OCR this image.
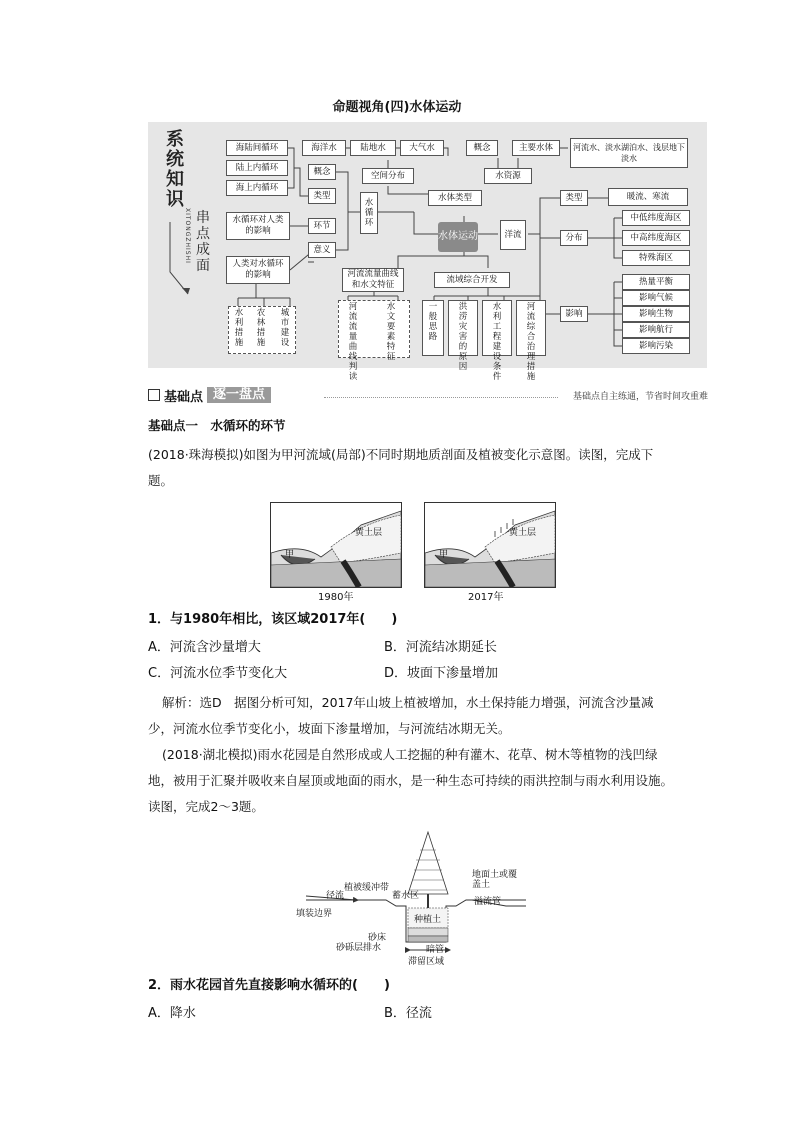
命题视角(四)水体运动
系统知识
XITONGZHISHI 串点成面
海陆间循环
陆上内循环
海上内循环
概念
类型
环节
意义
水循环对人类的影响
人类对水循环的影响
水循环
水利措施
农林措施
城市建设
海洋水	陆地水	大气水
空间分布
水体类型
概念	主要水体	河流水、淡水湖泊水、浅层地下淡水
水资源
水体运动
河流流量曲线和水文特征
河流流量曲线判读
水文要素特征
流域综合开发
一般思路
洪涝灾害的原因
水利工程建设条件
河流综合治理措施
洋流
类型	暖流、寒流
分布
中低纬度海区
中高纬度海区
特殊海区
影响
热量平衡
影响气候
影响生物
影响航行
影响污染
基础点 逐一盘点	基础点自主练通，节省时间攻重难
基础点一　水循环的环节
(2018·珠海模拟)如图为甲河流域(局部)不同时期地质剖面及植被变化示意图。读图，完成下题。
黄土层
甲
1980年
黄土层
甲
2017年
1．与1980年相比，该区域2017年(　　)
A．河流含沙量增大	B．河流结冰期延长
C．河流水位季节变化大	D．坡面下渗量增加
解析：选D　据图分析可知，2017年山坡上植被增加，水土保持能力增强，河流含沙量减少，河流水位季节变化小，坡面下渗量增加，与河流结冰期无关。
(2018·湖北模拟)雨水花园是自然形成或人工挖掘的种有灌木、花草、树木等植物的浅凹绿地，被用于汇聚并吸收来自屋顶或地面的雨水，是一种生态可持续的雨洪控制与雨水利用设施。读图，完成2～3题。
植被缓冲带
蓄水区
地面土或覆盖土
溢流管
径流
填装边界
种植土
砂床
砂砾层排水	暗管
滞留区域
2．雨水花园首先直接影响水循环的(　　)
A．降水	B．径流
